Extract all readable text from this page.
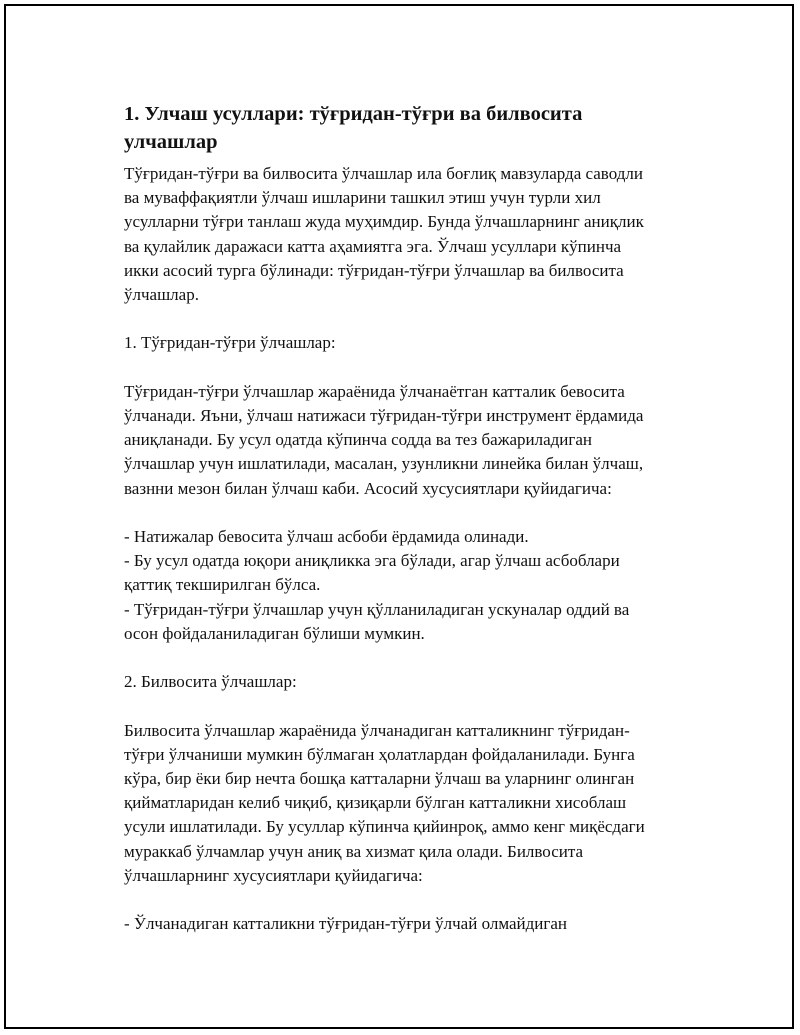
1. Улчаш усуллари: тўғридан-тўғри ва билвосита
улчашлар

Тўғридан-тўғри ва билвосита ўлчашлар ила боғлиқ мавзуларда саводли
ва муваффақиятли ўлчаш ишларини ташкил этиш учун турли хил
усулларни тўғри танлаш жуда муҳимдир. Бунда ўлчашларнинг аниқлик
ва қулайлик даражаси катта аҳамиятга эга. Ўлчаш усуллари кўпинча
икки асосий турга бўлинади: тўғридан-тўғри ўлчашлар ва билвосита
ўлчашлар.

1. Тўғридан-тўғри ўлчашлар:

Тўғридан-тўғри ўлчашлар жараёнида ўлчанаётган катталик бевосита
ўлчанади. Яъни, ўлчаш натижаси тўғридан-тўғри инструмент ёрдамида
аниқланади. Бу усул одатда кўпинча содда ва тез бажариладиган
ўлчашлар учун ишлатилади, масалан, узунликни линейка билан ўлчаш,
вазнни мезон билан ўлчаш каби. Асосий хусусиятлари қуйидагича:

- Натижалар бевосита ўлчаш асбоби ёрдамида олинади.
- Бу усул одатда юқори аниқликка эга бўлади, агар ўлчаш асбоблари
қаттиқ текширилган бўлса.
- Тўғридан-тўғри ўлчашлар учун қўлланиладиган ускуналар оддий ва
осон фойдаланиладиган бўлиши мумкин.

2. Билвосита ўлчашлар:

Билвосита ўлчашлар жараёнида ўлчанадиган катталикнинг тўғридан-
тўғри ўлчаниши мумкин бўлмаган ҳолатлардан фойдаланилади. Бунга
кўра, бир ёки бир нечта бошқа катталарни ўлчаш ва уларнинг олинган
қийматларидан келиб чиқиб, қизиқарли бўлган катталикни хисоблаш
усули ишлатилади. Бу усуллар кўпинча қийинроқ, аммо кенг миқёсдаги
мураккаб ўлчамлар учун аниқ ва хизмат қила олади. Билвосита
ўлчашларнинг хусусиятлари қуйидагича:

- Ўлчанадиган катталикни тўғридан-тўғри ўлчай олмайдиган
